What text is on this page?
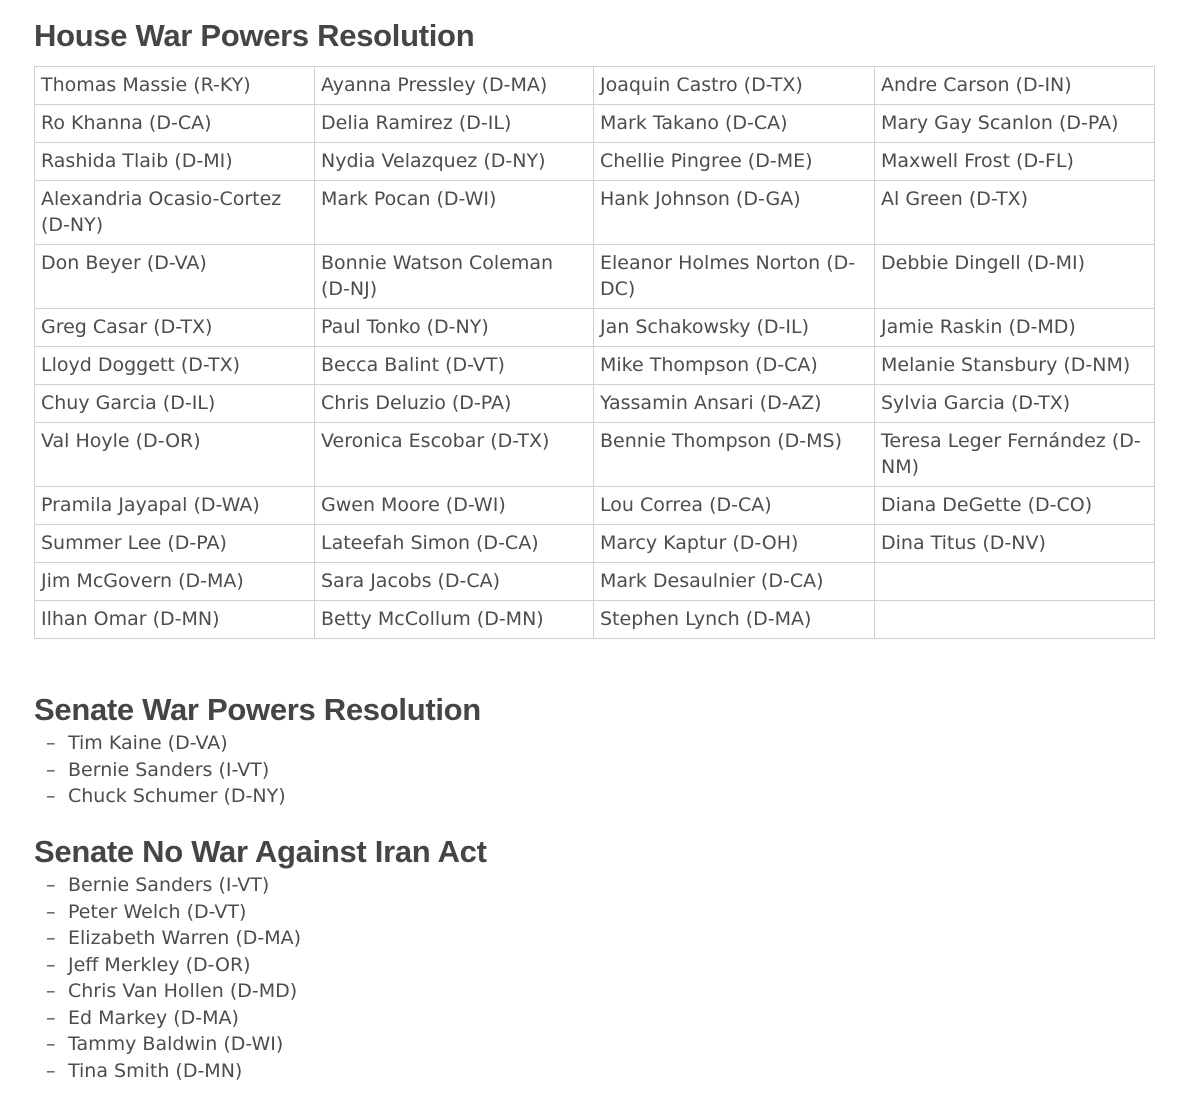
House War Powers Resolution
Thomas Massie (R-KY)	Ayanna Pressley (D-MA)	Joaquin Castro (D-TX)	Andre Carson (D-IN)
Ro Khanna (D-CA)	Delia Ramirez (D-IL)	Mark Takano (D-CA)	Mary Gay Scanlon (D-PA)
Rashida Tlaib (D-MI)	Nydia Velazquez (D-NY)	Chellie Pingree (D-ME)	Maxwell Frost (D-FL)
Alexandria Ocasio-Cortez (D-NY)	Mark Pocan (D-WI)	Hank Johnson (D-GA)	Al Green (D-TX)
Don Beyer (D-VA)	Bonnie Watson Coleman (D-NJ)	Eleanor Holmes Norton (D-DC)	Debbie Dingell (D-MI)
Greg Casar (D-TX)	Paul Tonko (D-NY)	Jan Schakowsky (D-IL)	Jamie Raskin (D-MD)
Lloyd Doggett (D-TX)	Becca Balint (D-VT)	Mike Thompson (D-CA)	Melanie Stansbury (D-NM)
Chuy Garcia (D-IL)	Chris Deluzio (D-PA)	Yassamin Ansari (D-AZ)	Sylvia Garcia (D-TX)
Val Hoyle (D-OR)	Veronica Escobar (D-TX)	Bennie Thompson (D-MS)	Teresa Leger Fernández (D-NM)
Pramila Jayapal (D-WA)	Gwen Moore (D-WI)	Lou Correa (D-CA)	Diana DeGette (D-CO)
Summer Lee (D-PA)	Lateefah Simon (D-CA)	Marcy Kaptur (D-OH)	Dina Titus (D-NV)
Jim McGovern (D-MA)	Sara Jacobs (D-CA)	Mark Desaulnier (D-CA)	
Ilhan Omar (D-MN)	Betty McCollum (D-MN)	Stephen Lynch (D-MA)	
Senate War Powers Resolution
– Tim Kaine (D-VA)
– Bernie Sanders (I-VT)
– Chuck Schumer (D-NY)
Senate No War Against Iran Act
– Bernie Sanders (I-VT)
– Peter Welch (D-VT)
– Elizabeth Warren (D-MA)
– Jeff Merkley (D-OR)
– Chris Van Hollen (D-MD)
– Ed Markey (D-MA)
– Tammy Baldwin (D-WI)
– Tina Smith (D-MN)
